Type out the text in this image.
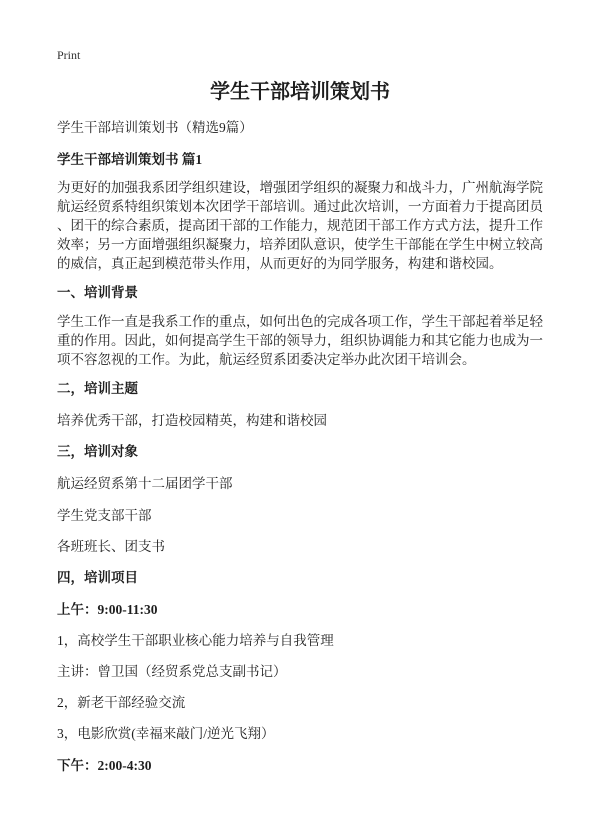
Print
学生干部培训策划书
学生干部培训策划书（精选9篇）
学生干部培训策划书 篇1
为更好的加强我系团学组织建设，增强团学组织的凝聚力和战斗力，广州航海学院
航运经贸系特组织策划本次团学干部培训。通过此次培训，一方面着力于提高团员
、团干的综合素质，提高团干部的工作能力，规范团干部工作方式方法，提升工作
效率；另一方面增强组织凝聚力，培养团队意识，使学生干部能在学生中树立较高
的威信，真正起到模范带头作用，从而更好的为同学服务，构建和谐校园。
一、培训背景
学生工作一直是我系工作的重点，如何出色的完成各项工作，学生干部起着举足轻
重的作用。因此，如何提高学生干部的领导力，组织协调能力和其它能力也成为一
项不容忽视的工作。为此，航运经贸系团委决定举办此次团干培训会。
二，培训主题
培养优秀干部，打造校园精英，构建和谐校园
三，培训对象
航运经贸系第十二届团学干部
学生党支部干部
各班班长、团支书
四，培训项目
上午：9:00-11:30
1，高校学生干部职业核心能力培养与自我管理
主讲：曾卫国（经贸系党总支副书记）
2，新老干部经验交流
3，电影欣赏(幸福来敲门/逆光飞翔）
下午：2:00-4:30
